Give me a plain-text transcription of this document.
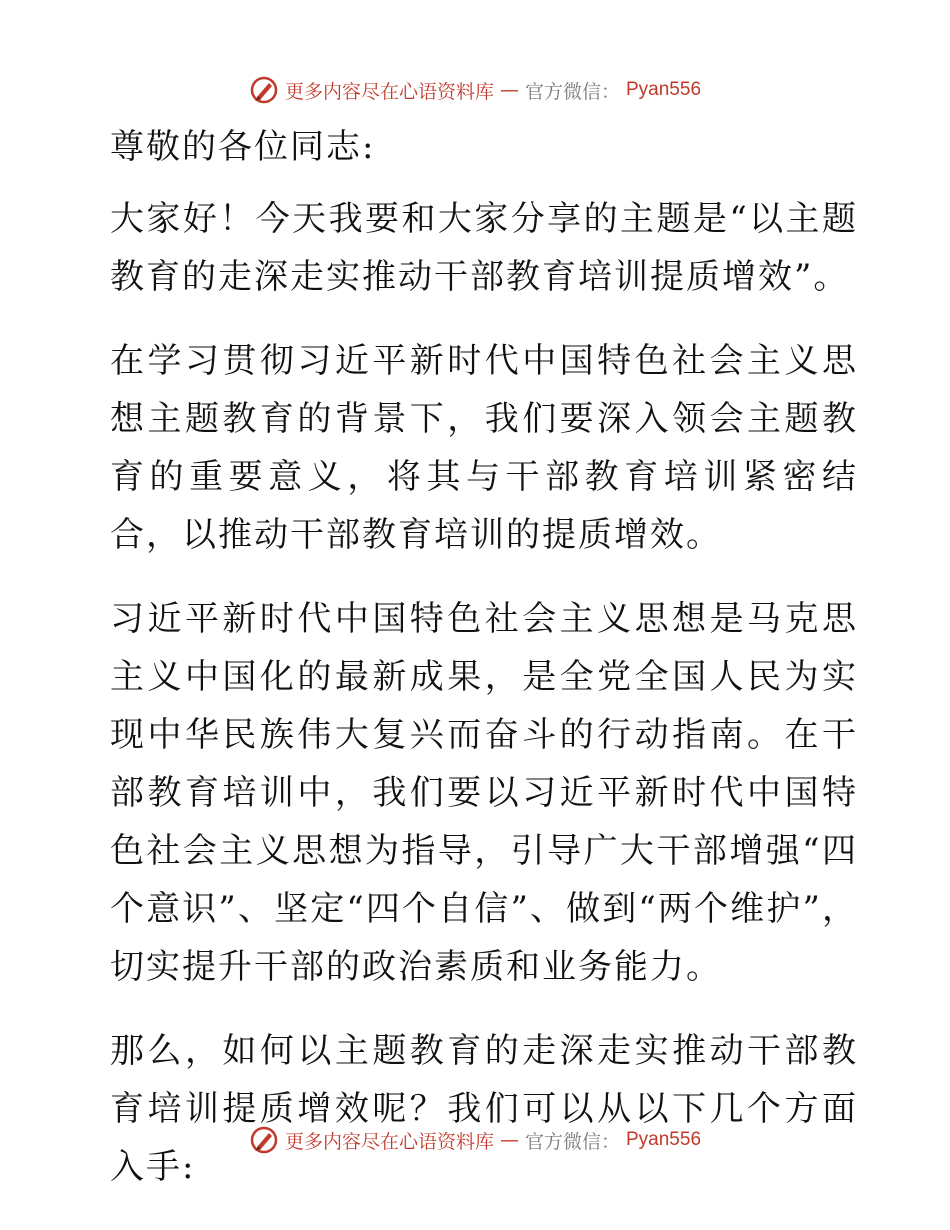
更多内容尽在心语资料库 — 官方微信： Pyan556

尊敬的各位同志:

大家好！今天我要和大家分享的主题是“以主题教育的走深走实推动干部教育培训提质增效”。

在学习贯彻习近平新时代中国特色社会主义思想主题教育的背景下，我们要深入领会主题教育的重要意义，将其与干部教育培训紧密结合，以推动干部教育培训的提质增效。

习近平新时代中国特色社会主义思想是马克思主义中国化的最新成果，是全党全国人民为实现中华民族伟大复兴而奋斗的行动指南。在干部教育培训中，我们要以习近平新时代中国特色社会主义思想为指导，引导广大干部增强“四个意识”、坚定“四个自信”、做到“两个维护”，切实提升干部的政治素质和业务能力。

那么，如何以主题教育的走深走实推动干部教育培训提质增效呢？我们可以从以下几个方面入手:

更多内容尽在心语资料库 — 官方微信： Pyan556
